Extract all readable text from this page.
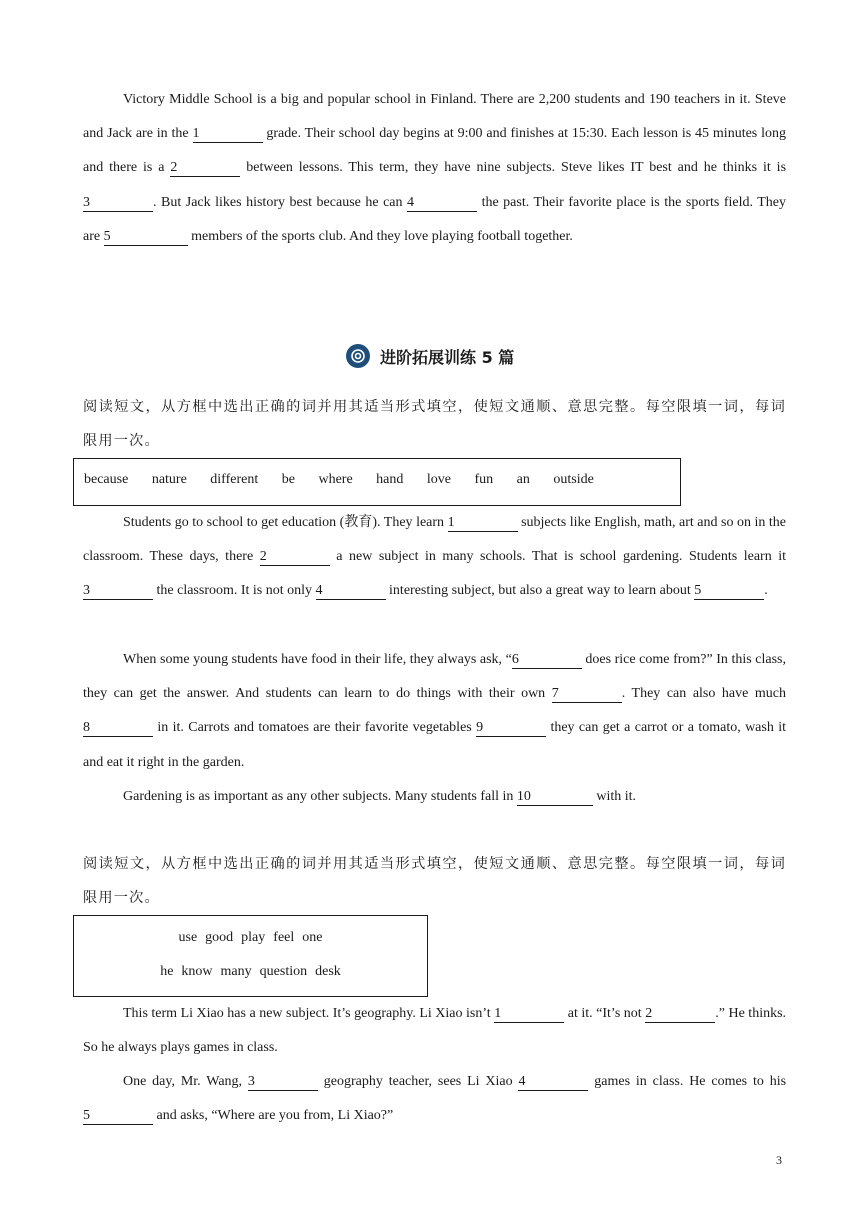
Victory Middle School is a big and popular school in Finland. There are 2,200 students and 190 teachers in it. Steve and Jack are in the 1	grade. Their school day begins at 9:00 and finishes at 15:30. Each lesson is 45 minutes long and there is a 2	between lessons. This term, they have nine subjects. Steve likes IT best and he thinks it is 3	. But Jack likes history best because he can 4	the past. Their favorite place is the sports field. They are 5	members of the sports club. And they love playing football together.
进阶拓展训练 5 篇
阅读短文，从方框中选出正确的词并用其适当形式填空，使短文通顺、意思完整。每空限填一词，每词限用一次。
because nature different be where hand love fun an outside
Students go to school to get education (教育). They learn 1	subjects like English, math, art and so on in the classroom. These days, there 2	a new subject in many schools. That is school gardening. Students learn it 3	the classroom. It is not only 4	interesting subject, but also a great way to learn about 5	.
When some young students have food in their life, they always ask, “6	does rice come from?” In this class, they can get the answer. And students can learn to do things with their own 7	. They can also have much 8	in it. Carrots and tomatoes are their favorite vegetables 9	they can get a carrot or a tomato, wash it and eat it right in the garden.
Gardening is as important as any other subjects. Many students fall in 10	with it.
阅读短文，从方框中选出正确的词并用其适当形式填空，使短文通顺、意思完整。每空限填一词，每词限用一次。
use good play feel one
he know many question desk
This term Li Xiao has a new subject. It’s geography. Li Xiao isn’t 1	at it. “It’s not 2	.” He thinks. So he always plays games in class.
One day, Mr. Wang, 3	geography teacher, sees Li Xiao 4	games in class. He comes to his 5	and asks, “Where are you from, Li Xiao?”
3
